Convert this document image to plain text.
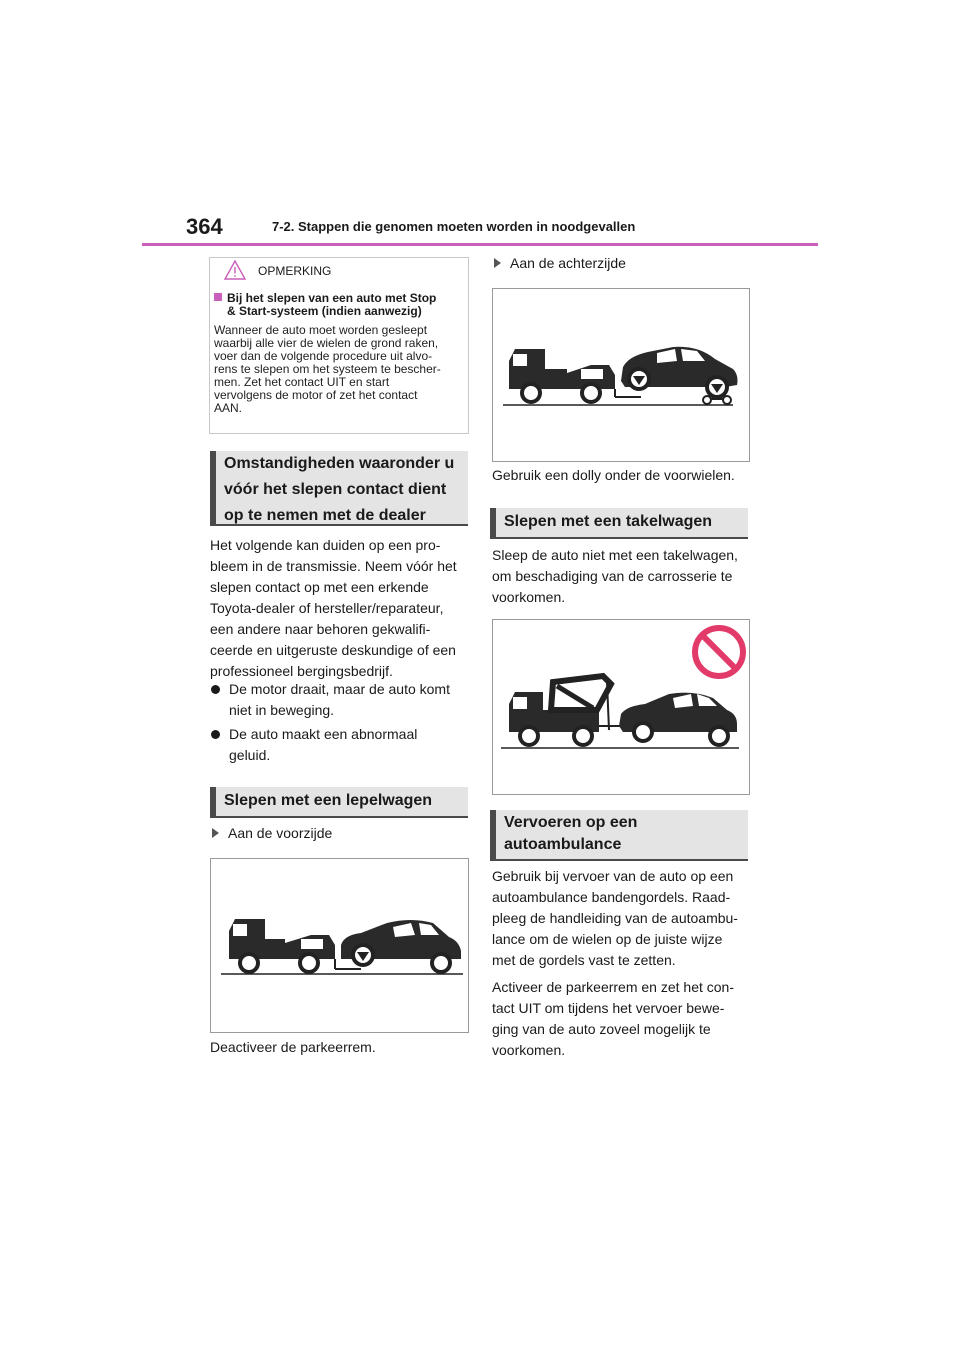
364	7-2. Stappen die genomen moeten worden in noodgevallen
OPMERKING
Bij het slepen van een auto met Stop
& Start-systeem (indien aanwezig)
Wanneer de auto moet worden gesleept
waarbij alle vier de wielen de grond raken,
voer dan de volgende procedure uit alvo-
rens te slepen om het systeem te bescher-
men. Zet het contact UIT en start
vervolgens de motor of zet het contact
AAN.
Omstandigheden waaronder u
vóór het slepen contact dient
op te nemen met de dealer
Het volgende kan duiden op een pro-
bleem in de transmissie. Neem vóór het
slepen contact op met een erkende
Toyota-dealer of hersteller/reparateur,
een andere naar behoren gekwalifi-
ceerde en uitgeruste deskundige of een
professioneel bergingsbedrijf.
De motor draait, maar de auto komt
niet in beweging.
De auto maakt een abnormaal
geluid.
Slepen met een lepelwagen
Aan de voorzijde
Deactiveer de parkeerrem.
Aan de achterzijde
Gebruik een dolly onder de voorwielen.
Slepen met een takelwagen
Sleep de auto niet met een takelwagen,
om beschadiging van de carrosserie te
voorkomen.
Vervoeren op een
autoambulance
Gebruik bij vervoer van de auto op een
autoambulance bandengordels. Raad-
pleeg de handleiding van de autoambu-
lance om de wielen op de juiste wijze
met de gordels vast te zetten.
Activeer de parkeerrem en zet het con-
tact UIT om tijdens het vervoer bewe-
ging van de auto zoveel mogelijk te
voorkomen.
